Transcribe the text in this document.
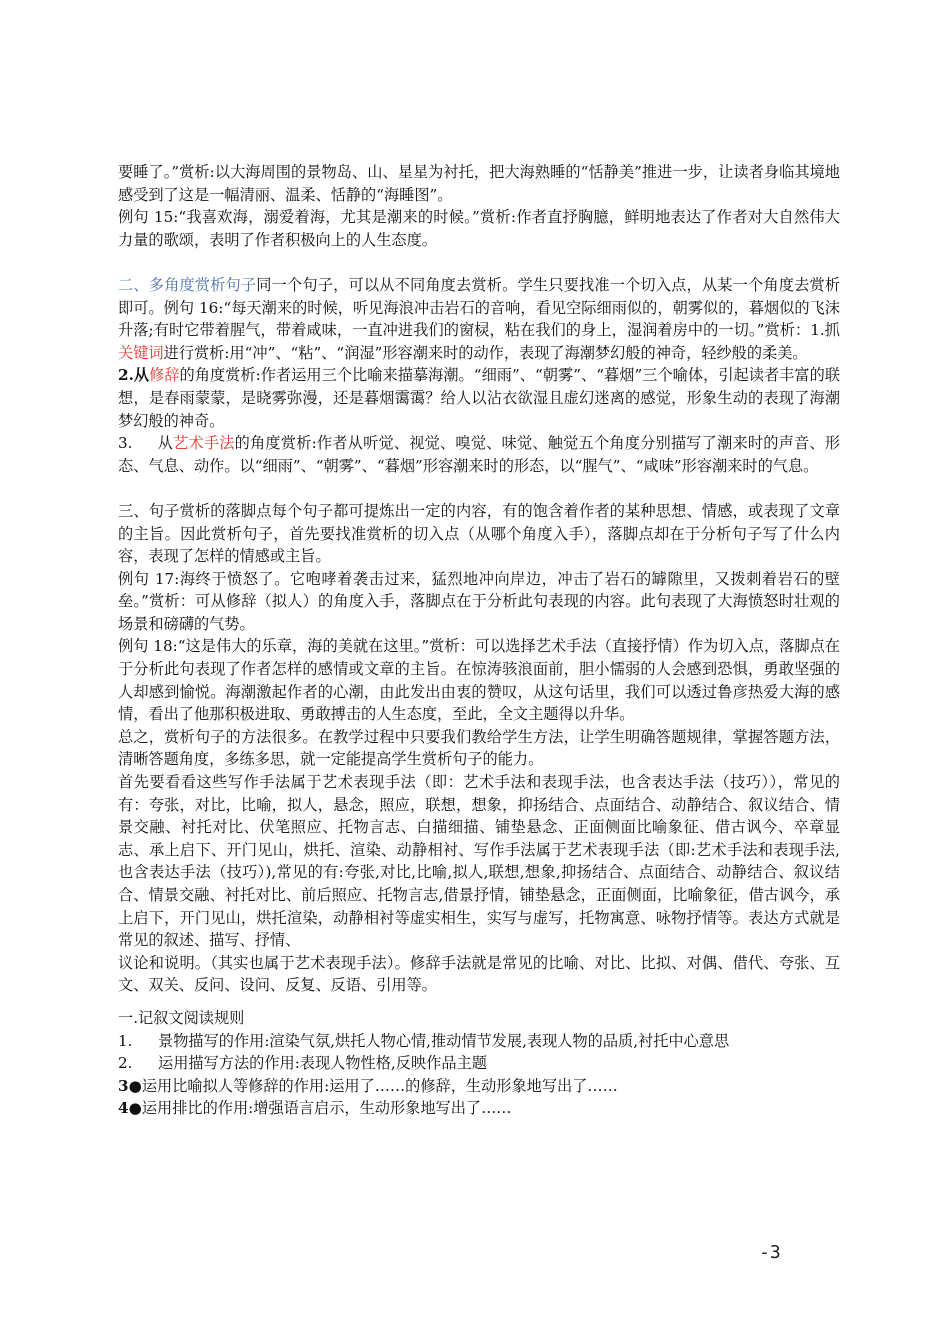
要睡了。”赏析:以大海周围的景物岛、山、星星为衬托，把大海熟睡的“恬静美”推进一步，让读者身临其境地感受到了这是一幅清丽、温柔、恬静的“海睡图”。

例句 15:“我喜欢海，溺爱着海，尤其是潮来的时候。”赏析:作者直抒胸臆，鲜明地表达了作者对大自然伟大力量的歌颂，表明了作者积极向上的人生态度。

二、多角度赏析句子同一个句子，可以从不同角度去赏析。学生只要找准一个切入点，从某一个角度去赏析即可。例句 16:“每天潮来的时候，听见海浪冲击岩石的音响，看见空际细雨似的，朝雾似的，暮烟似的飞沫升落;有时它带着腥气，带着咸味，一直冲进我们的窗棂，粘在我们的身上，湿润着房中的一切。”赏析：1.抓关键词进行赏析:用“冲”、“粘”、“润湿”形容潮来时的动作，表现了海潮梦幻般的神奇，轻纱般的柔美。

2.从修辞的角度赏析:作者运用三个比喻来描摹海潮。“细雨”、“朝雾”、“暮烟”三个喻体，引起读者丰富的联想，是春雨蒙蒙，是晓雾弥漫，还是暮烟霭霭？给人以沾衣欲湿且虚幻迷离的感觉，形象生动的表现了海潮梦幻般的神奇。

3.     从艺术手法的角度赏析:作者从听觉、视觉、嗅觉、味觉、触觉五个角度分别描写了潮来时的声音、形态、气息、动作。以“细雨”、“朝雾”、“暮烟”形容潮来时的形态，以“腥气”、“咸味”形容潮来时的气息。

三、句子赏析的落脚点每个句子都可提炼出一定的内容，有的饱含着作者的某种思想、情感，或表现了文章的主旨。因此赏析句子，首先要找准赏析的切入点（从哪个角度入手），落脚点却在于分析句子写了什么内容，表现了怎样的情感或主旨。

例句 17:海终于愤怒了。它咆哮着袭击过来，猛烈地冲向岸边，冲击了岩石的罅隙里，又拨刺着岩石的壁垒。”赏析：可从修辞（拟人）的角度入手，落脚点在于分析此句表现的内容。此句表现了大海愤怒时壮观的场景和磅礴的气势。

例句 18:“这是伟大的乐章，海的美就在这里。”赏析：可以选择艺术手法（直接抒情）作为切入点，落脚点在于分析此句表现了作者怎样的感情或文章的主旨。在惊涛骇浪面前，胆小懦弱的人会感到恐惧，勇敢坚强的人却感到愉悦。海潮激起作者的心潮，由此发出由衷的赞叹，从这句话里，我们可以透过鲁彦热爱大海的感情，看出了他那积极进取、勇敢搏击的人生态度，至此，全文主题得以升华。

总之，赏析句子的方法很多。在教学过程中只要我们教给学生方法，让学生明确答题规律，掌握答题方法，清晰答题角度，多练多思，就一定能提高学生赏析句子的能力。

首先要看看这些写作手法属于艺术表现手法（即：艺术手法和表现手法，也含表达手法（技巧）），常见的有：夸张，对比，比喻，拟人，悬念，照应，联想，想象，抑扬结合、点面结合、动静结合、叙议结合、情景交融、衬托对比、伏笔照应、托物言志、白描细描、铺垫悬念、正面侧面比喻象征、借古讽今、卒章显志、承上启下、开门见山，烘托、渲染、动静相衬、写作手法属于艺术表现手法（即:艺术手法和表现手法,也含表达手法（技巧）),常见的有:夸张,对比,比喻,拟人,联想,想象,抑扬结合、点面结合、动静结合、叙议结合、情景交融、衬托对比、前后照应、托物言志,借景抒情，铺垫悬念，正面侧面，比喻象征，借古讽今，承上启下，开门见山，烘托渲染，动静相衬等虚实相生，实写与虚写，托物寓意、咏物抒情等。表达方式就是常见的叙述、描写、抒情、

议论和说明。（其实也属于艺术表现手法）。修辞手法就是常见的比喻、对比、比拟、对偶、借代、夸张、互文、双关、反问、设问、反复、反语、引用等。

一.记叙文阅读规则

1. 景物描写的作用:渲染气氛,烘托人物心情,推动情节发展,表现人物的品质,衬托中心意思
2. 运用描写方法的作用:表现人物性格,反映作品主题

3●运用比喻拟人等修辞的作用:运用了……的修辞，生动形象地写出了……

4●运用排比的作用:增强语言启示，生动形象地写出了……

-3
